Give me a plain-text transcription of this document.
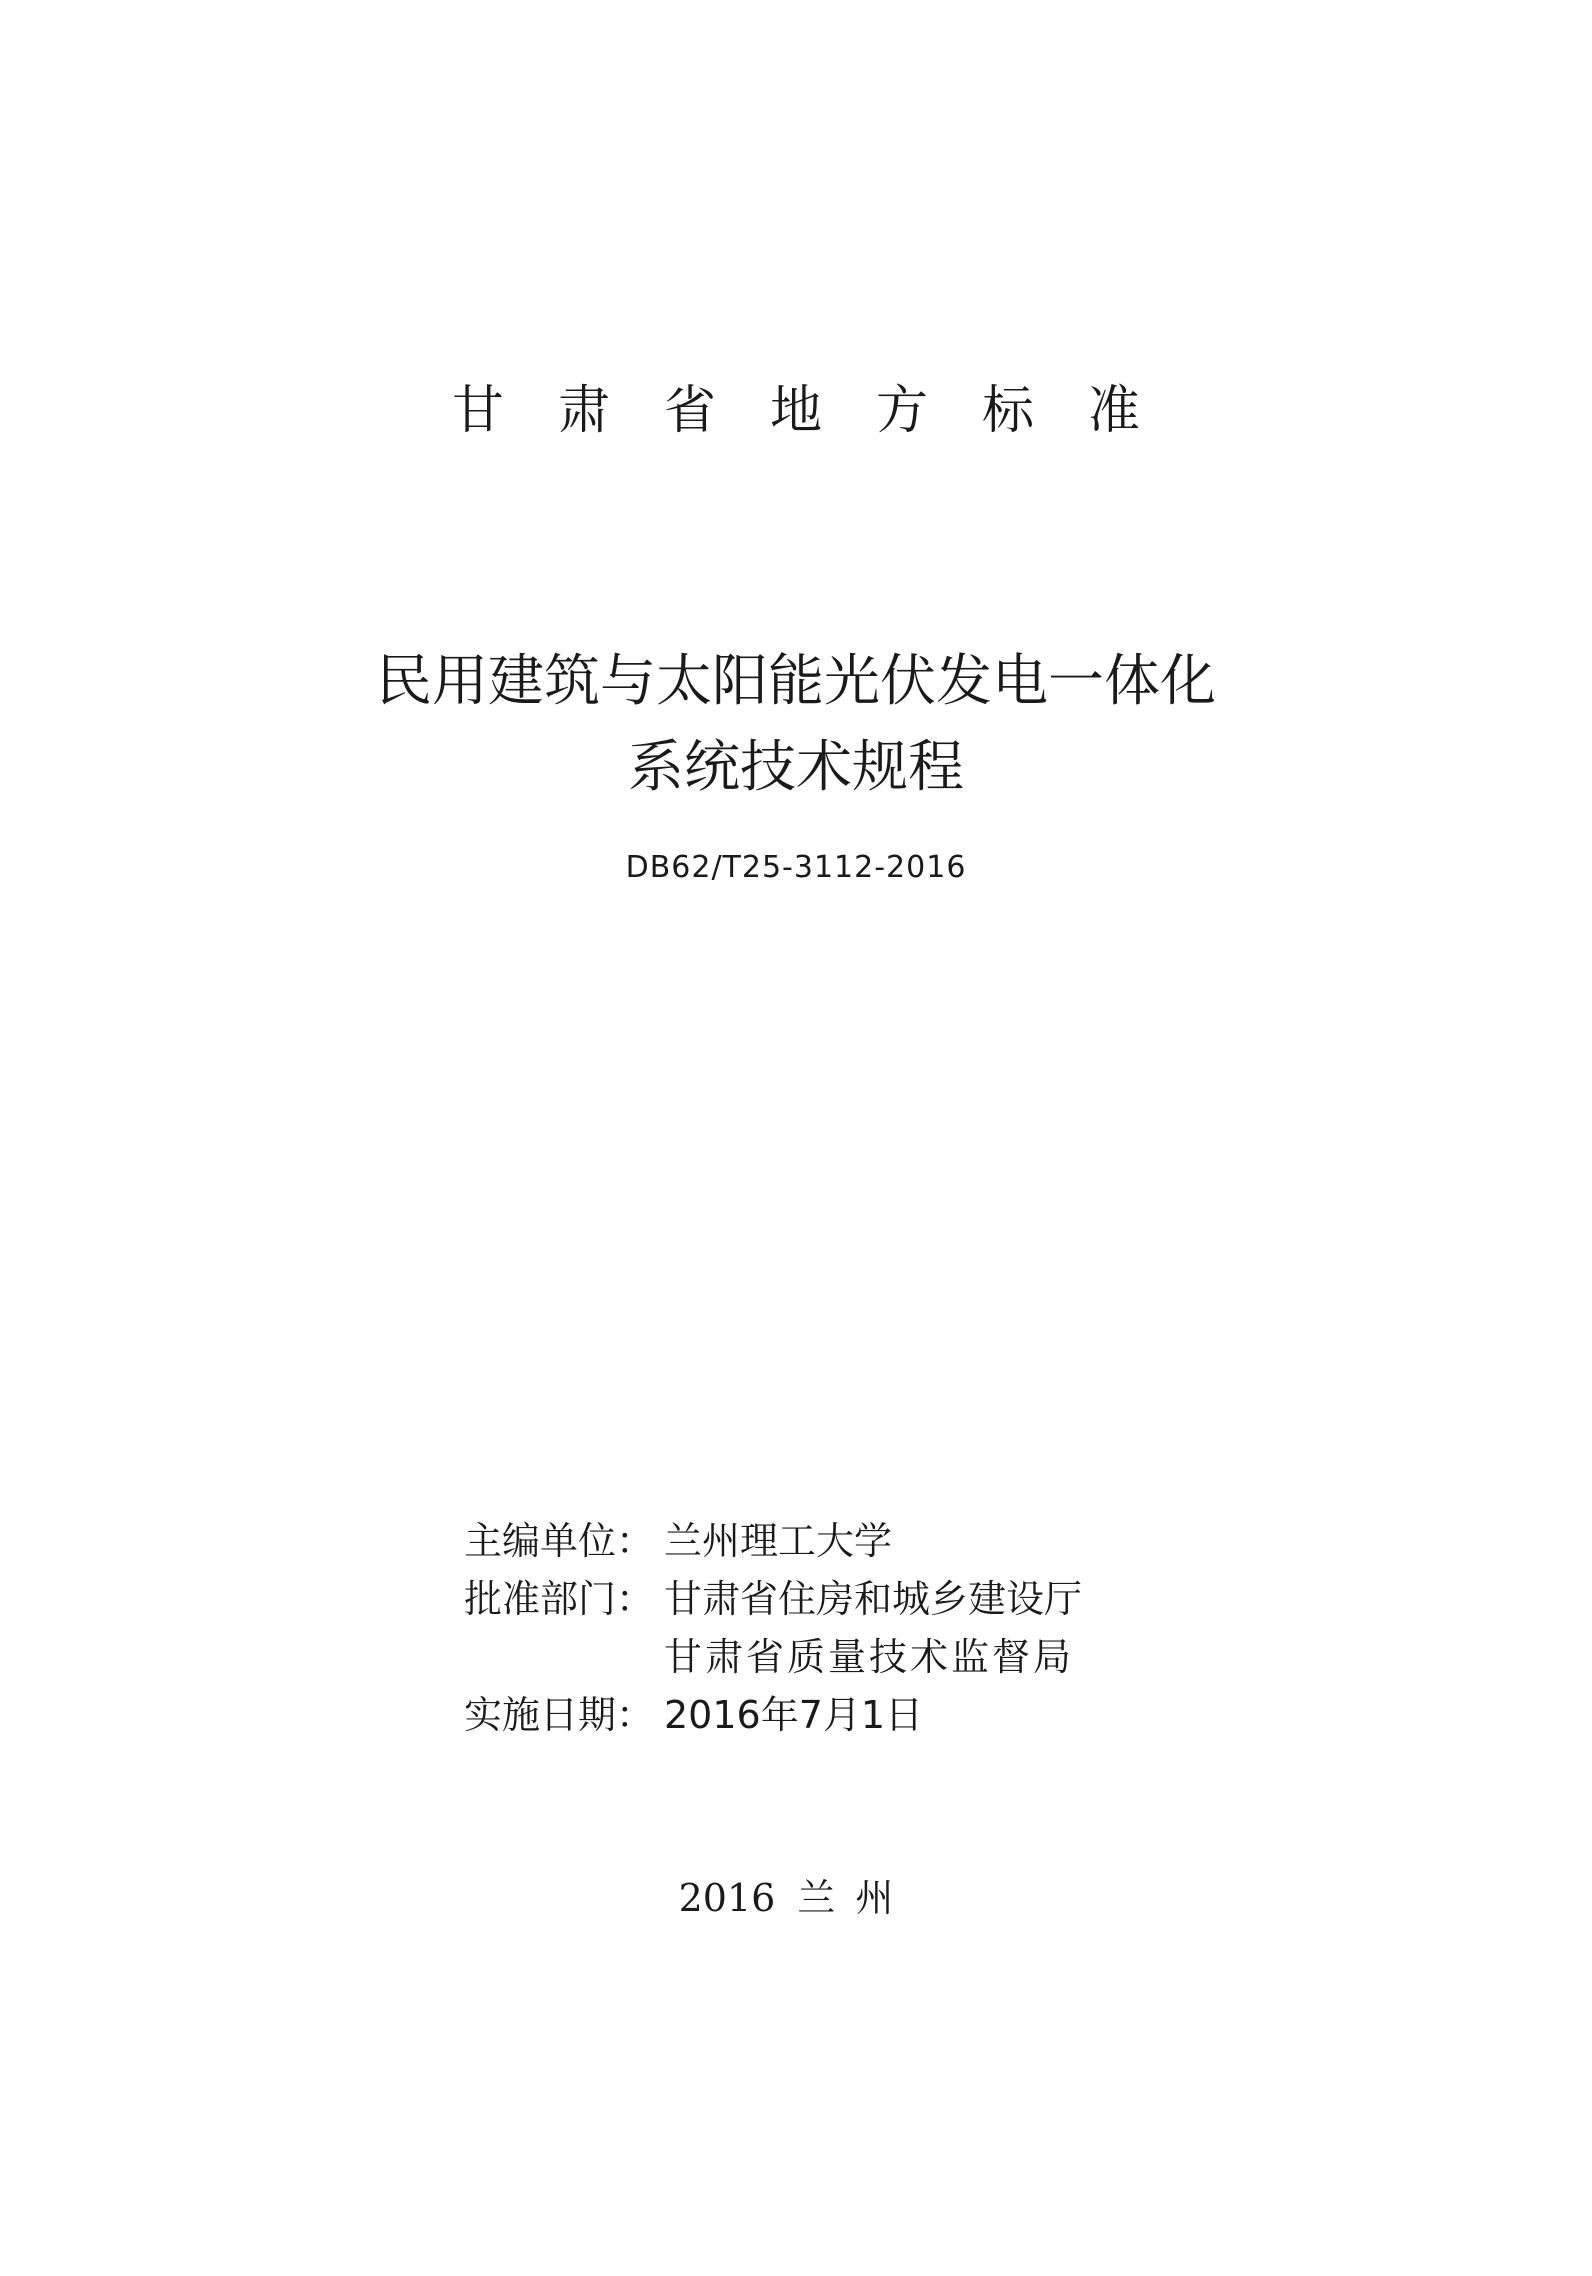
甘肃省地方标准
民用建筑与太阳能光伏发电一体化
系统技术规程
DB62/T25-3112-2016
主编单位： 兰州理工大学
批准部门： 甘肃省住房和城乡建设厅
甘肃省质量技术监督局
实施日期： 2016年7月1日
2016 兰州
